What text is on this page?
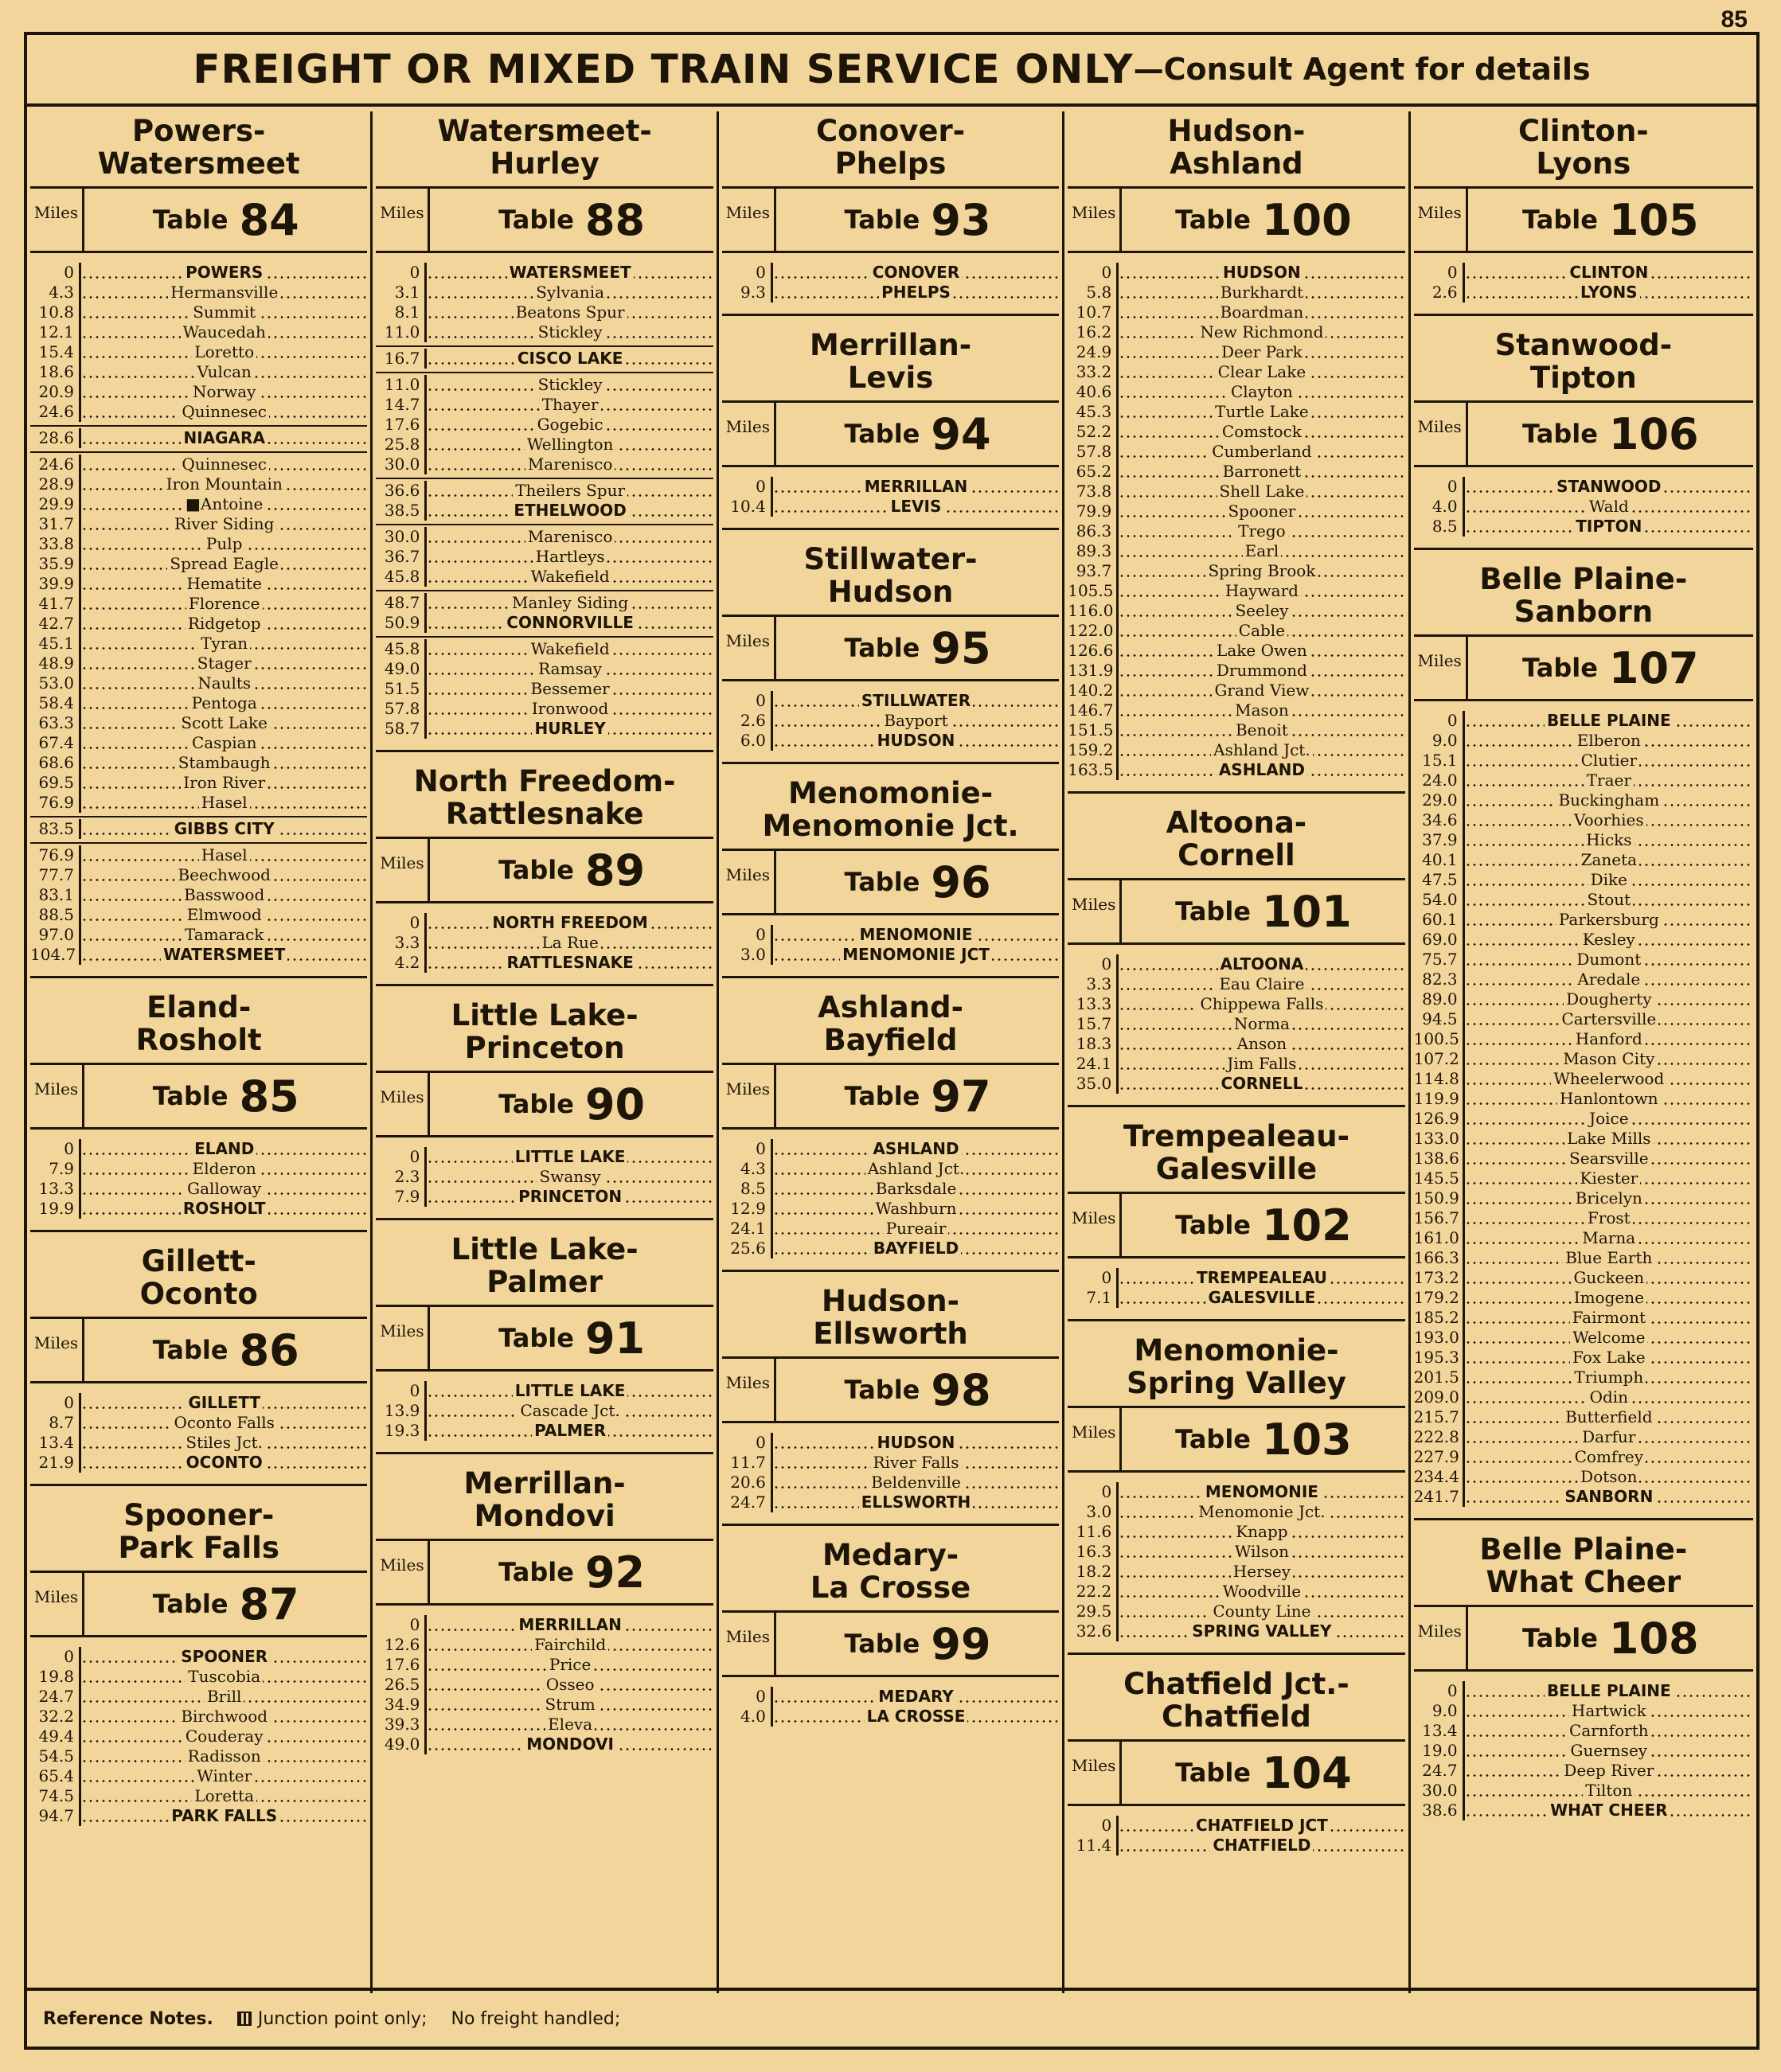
85
FREIGHT OR MIXED TRAIN SERVICE ONLY —Consult Agent for details
Powers-
Watersmeet
Miles	Table 84
0	POWERS
4.3	Hermansville
10.8	Summit
12.1	Waucedah
15.4	Loretto
18.6	Vulcan
20.9	Norway
24.6	Quinnesec
28.6	NIAGARA
24.6	Quinnesec
28.9	Iron Mountain
29.9	■Antoine
31.7	River Siding
33.8	Pulp
35.9	Spread Eagle
39.9	Hematite
41.7	Florence
42.7	Ridgetop
45.1	Tyran
48.9	Stager
53.0	Naults
58.4	Pentoga
63.3	Scott Lake
67.4	Caspian
68.6	Stambaugh
69.5	Iron River
76.9	Hasel
83.5	GIBBS CITY
76.9	Hasel
77.7	Beechwood
83.1	Basswood
88.5	Elmwood
97.0	Tamarack
104.7	WATERSMEET
Eland-
Rosholt
Miles	Table 85
0	ELAND
7.9	Elderon
13.3	Galloway
19.9	ROSHOLT
Gillett-
Oconto
Miles	Table 86
0	GILLETT
8.7	Oconto Falls
13.4	Stiles Jct.
21.9	OCONTO
Spooner-
Park Falls
Miles	Table 87
0	SPOONER
19.8	Tuscobia
24.7	Brill
32.2	Birchwood
49.4	Couderay
54.5	Radisson
65.4	Winter
74.5	Loretta
94.7	PARK FALLS
Watersmeet-
Hurley
Miles	Table 88
0	WATERSMEET
3.1	Sylvania
8.1	Beatons Spur
11.0	Stickley
16.7	CISCO LAKE
11.0	Stickley
14.7	Thayer
17.6	Gogebic
25.8	Wellington
30.0	Marenisco
36.6	Theilers Spur
38.5	ETHELWOOD
30.0	Marenisco
36.7	Hartleys
45.8	Wakefield
48.7	Manley Siding
50.9	CONNORVILLE
45.8	Wakefield
49.0	Ramsay
51.5	Bessemer
57.8	Ironwood
58.7	HURLEY
North Freedom-
Rattlesnake
Miles	Table 89
0	NORTH FREEDOM
3.3	La Rue
4.2	RATTLESNAKE
Little Lake-
Princeton
Miles	Table 90
0	LITTLE LAKE
2.3	Swansy
7.9	PRINCETON
Little Lake-
Palmer
Miles	Table 91
0	LITTLE LAKE
13.9	Cascade Jct.
19.3	PALMER
Merrillan-
Mondovi
Miles	Table 92
0	MERRILLAN
12.6	Fairchild
17.6	Price
26.5	Osseo
34.9	Strum
39.3	Eleva
49.0	MONDOVI
Conover-
Phelps
Miles	Table 93
0	CONOVER
9.3	PHELPS
Merrillan-
Levis
Miles	Table 94
0	MERRILLAN
10.4	LEVIS
Stillwater-
Hudson
Miles	Table 95
0	STILLWATER
2.6	Bayport
6.0	HUDSON
Menomonie-
Menomonie Jct.
Miles	Table 96
0	MENOMONIE
3.0	MENOMONIE JCT
Ashland-
Bayfield
Miles	Table 97
0	ASHLAND
4.3	Ashland Jct.
8.5	Barksdale
12.9	Washburn
24.1	Pureair
25.6	BAYFIELD
Hudson-
Ellsworth
Miles	Table 98
0	HUDSON
11.7	River Falls
20.6	Beldenville
24.7	ELLSWORTH
Medary-
La Crosse
Miles	Table 99
0	MEDARY
4.0	LA CROSSE
Hudson-
Ashland
Miles Table 100
0	HUDSON
5.8	Burkhardt
10.7	Boardman
16.2	New Richmond
24.9	Deer Park
33.2	Clear Lake
40.6	Clayton
45.3	Turtle Lake
52.2	Comstock
57.8	Cumberland
65.2	Barronett
73.8	Shell Lake
79.9	Spooner
86.3	Trego
89.3	Earl
93.7	Spring Brook
105.5	Hayward
116.0	Seeley
122.0	Cable
126.6	Lake Owen
131.9	Drummond
140.2	Grand View
146.7	Mason
151.5	Benoit
159.2	Ashland Jct.
163.5	ASHLAND
Altoona-
Cornell
Miles Table 101
0	ALTOONA
3.3	Eau Claire
13.3	Chippewa Falls
15.7	Norma
18.3	Anson
24.1	Jim Falls
35.0	CORNELL
Trempealeau-
Galesville
Miles Table 102
0	TREMPEALEAU
7.1	GALESVILLE
Menomonie-
Spring Valley
Miles Table 103
0	MENOMONIE
3.0	Menomonie Jct.
11.6	Knapp
16.3	Wilson
18.2	Hersey
22.2	Woodville
29.5	County Line
32.6	SPRING VALLEY
Chatfield Jct.-
Chatfield
Miles Table 104
0	CHATFIELD JCT
11.4	CHATFIELD
Clinton-
Lyons
Miles Table 105
0	CLINTON
2.6	LYONS
Stanwood-
Tipton
Miles Table 106
0	STANWOOD
4.0	Wald
8.5	TIPTON
Belle Plaine-
Sanborn
Miles Table 107
0	BELLE PLAINE
9.0	Elberon
15.1	Clutier
24.0	Traer
29.0	Buckingham
34.6	Voorhies
37.9	Hicks
40.1	Zaneta
47.5	Dike
54.0	Stout
60.1	Parkersburg
69.0	Kesley
75.7	Dumont
82.3	Aredale
89.0	Dougherty
94.5	Cartersville
100.5	Hanford
107.2	Mason City
114.8	Wheelerwood
119.9	Hanlontown
126.9	Joice
133.0	Lake Mills
138.6	Searsville
145.5	Kiester
150.9	Bricelyn
156.7	Frost
161.0	Marna
166.3	Blue Earth
173.2	Guckeen
179.2	Imogene
185.2	Fairmont
193.0	Welcome
195.3	Fox Lake
201.5	Triumph
209.0	Odin
215.7	Butterfield
222.8	Darfur
227.9	Comfrey
234.4	Dotson
241.7	SANBORN
Belle Plaine-
What Cheer
Miles Table 108
0	BELLE PLAINE
9.0	Hartwick
13.4	Carnforth
19.0	Guernsey
24.7	Deep River
30.0	Tilton
38.6	WHAT CHEER
Reference Notes.	Junction point only; No freight handled;
